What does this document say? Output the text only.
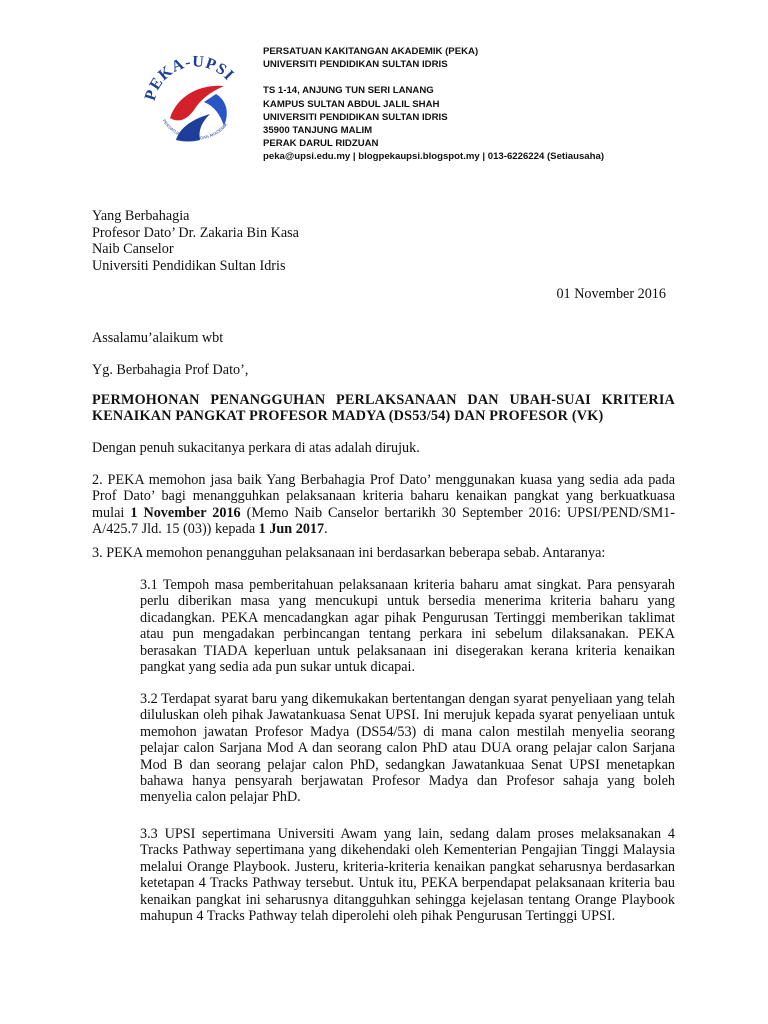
PEKA-UPSI
PERSATUAN KAKITANGAN AKADEMIK
PERSATUAN KAKITANGAN AKADEMIK (PEKA)
UNIVERSITI PENDIDIKAN SULTAN IDRIS
TS 1-14, ANJUNG TUN SERI LANANG
KAMPUS SULTAN ABDUL JALIL SHAH
UNIVERSITI PENDIDIKAN SULTAN IDRIS
35900 TANJUNG MALIM
PERAK DARUL RIDZUAN
peka@upsi.edu.my | blogpekaupsi.blogspot.my | 013-6226224 (Setiausaha)
Yang Berbahagia
Profesor Dato’ Dr. Zakaria Bin Kasa
Naib Canselor
Universiti Pendidikan Sultan Idris
01 November 2016
Assalamu’alaikum wbt
Yg. Berbahagia Prof Dato’,
PERMOHONAN PENANGGUHAN PERLAKSANAAN DAN UBAH-SUAI KRITERIA KENAIKAN PANGKAT PROFESOR MADYA (DS53/54) DAN PROFESOR (VK)
Dengan penuh sukacitanya perkara di atas adalah dirujuk.
2. PEKA memohon jasa baik Yang Berbahagia Prof Dato’ menggunakan kuasa yang sedia ada pada Prof Dato’ bagi menangguhkan pelaksanaan kriteria baharu kenaikan pangkat yang berkuatkuasa mulai 1 November 2016 (Memo Naib Canselor bertarikh 30 September 2016: UPSI/PEND/SM1-A/425.7 Jld. 15 (03)) kepada 1 Jun 2017.
3. PEKA memohon penangguhan pelaksanaan ini berdasarkan beberapa sebab. Antaranya:
3.1 Tempoh masa pemberitahuan pelaksanaan kriteria baharu amat singkat. Para pensyarah perlu diberikan masa yang mencukupi untuk bersedia menerima kriteria baharu yang dicadangkan. PEKA mencadangkan agar pihak Pengurusan Tertinggi memberikan taklimat atau pun mengadakan perbincangan tentang perkara ini sebelum dilaksanakan. PEKA berasakan TIADA keperluan untuk pelaksanaan ini disegerakan kerana kriteria kenaikan pangkat yang sedia ada pun sukar untuk dicapai.
3.2 Terdapat syarat baru yang dikemukakan bertentangan dengan syarat penyeliaan yang telah diluluskan oleh pihak Jawatankuasa Senat UPSI. Ini merujuk kepada syarat penyeliaan untuk memohon jawatan Profesor Madya (DS54/53) di mana calon mestilah menyelia seorang pelajar calon Sarjana Mod A dan seorang calon PhD atau DUA orang pelajar calon Sarjana Mod B dan seorang pelajar calon PhD, sedangkan Jawatankuaa Senat UPSI menetapkan bahawa hanya pensyarah berjawatan Profesor Madya dan Profesor sahaja yang boleh menyelia calon pelajar PhD.
3.3 UPSI sepertimana Universiti Awam yang lain, sedang dalam proses melaksanakan 4 Tracks Pathway sepertimana yang dikehendaki oleh Kementerian Pengajian Tinggi Malaysia melalui Orange Playbook. Justeru, kriteria-kriteria kenaikan pangkat seharusnya berdasarkan ketetapan 4 Tracks Pathway tersebut. Untuk itu, PEKA berpendapat pelaksanaan kriteria bau kenaikan pangkat ini seharusnya ditangguhkan sehingga kejelasan tentang Orange Playbook mahupun 4 Tracks Pathway telah diperolehi oleh pihak Pengurusan Tertinggi UPSI.
